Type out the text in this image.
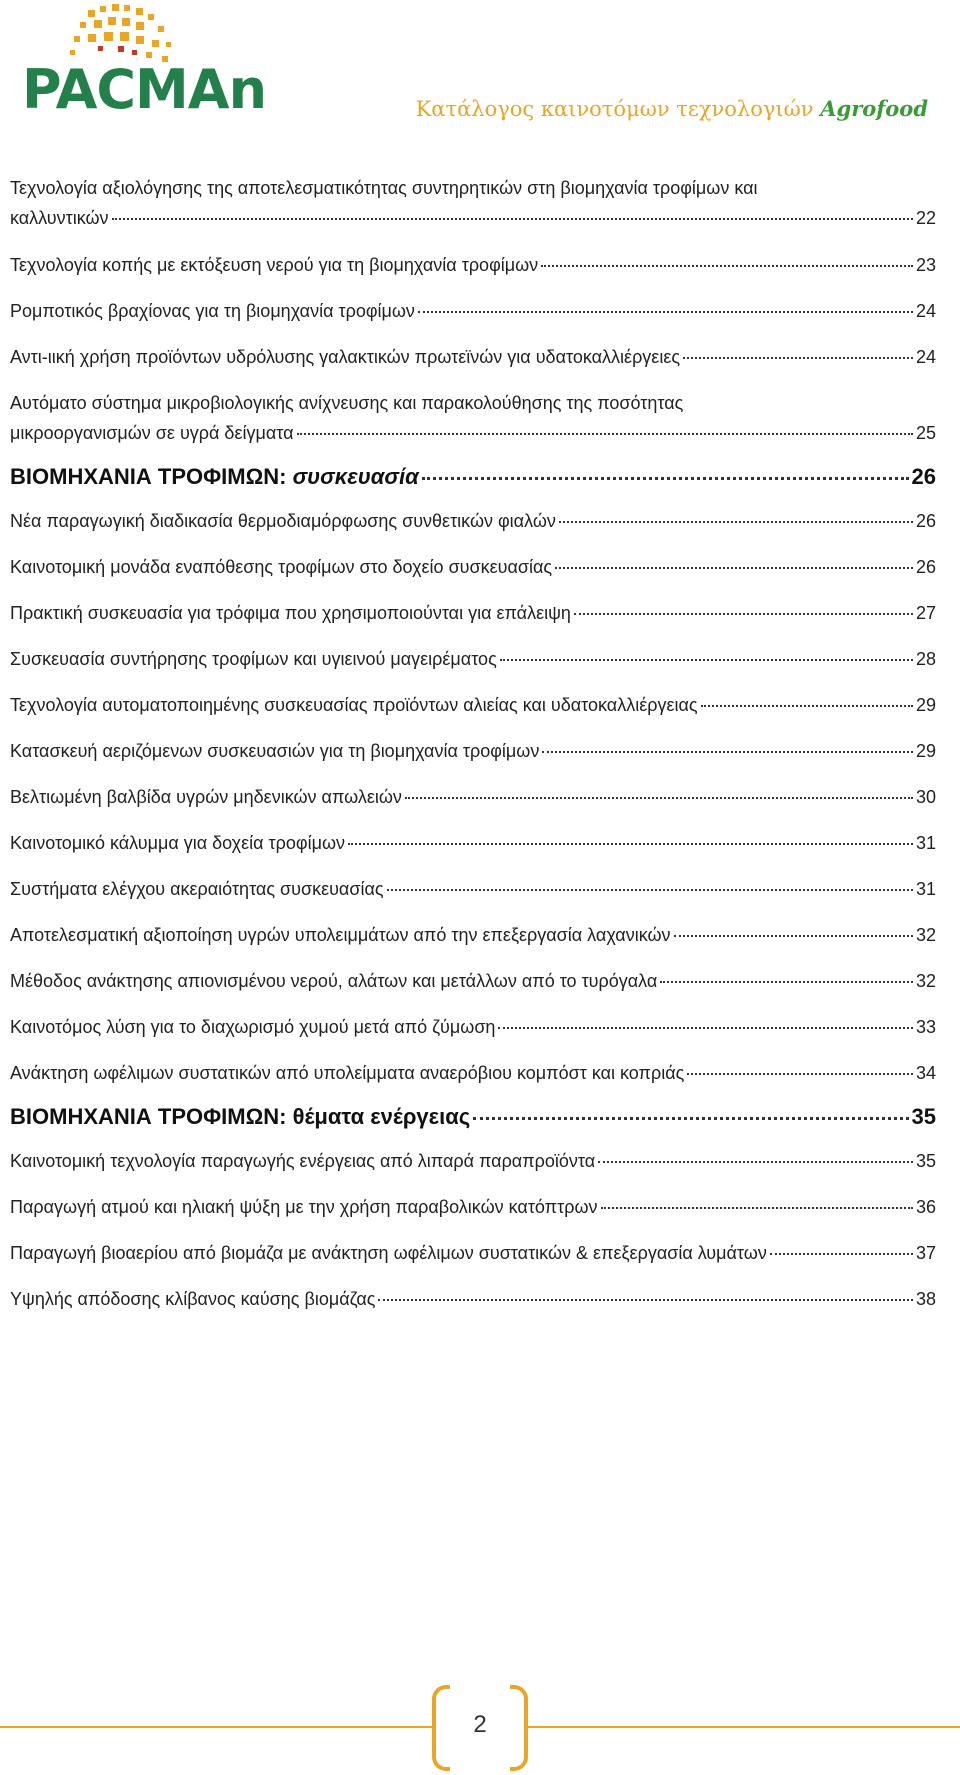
PACMAn	Κατάλογος καινοτόμων τεχνολογιών Agrofood
Τεχνολογία αξιολόγησης της αποτελεσματικότητας συντηρητικών στη βιομηχανία τροφίμων και
καλλυντικών	22
Τεχνολογία κοπής με εκτόξευση νερού για τη βιομηχανία τροφίμων	23
Ρομποτικός βραχίονας για τη βιομηχανία τροφίμων	24
Αντι-ιική χρήση προϊόντων υδρόλυσης γαλακτικών πρωτεϊνών για υδατοκαλλιέργειες	24
Αυτόματο σύστημα μικροβιολογικής ανίχνευσης και παρακολούθησης της ποσότητας
μικροοργανισμών σε υγρά δείγματα	25
ΒΙΟΜΗΧΑΝΙΑ ΤΡΟΦΙΜΩΝ: συσκευασία	26
Νέα παραγωγική διαδικασία θερμοδιαμόρφωσης συνθετικών φιαλών	26
Καινοτομική μονάδα εναπόθεσης τροφίμων στο δοχείο συσκευασίας	26
Πρακτική συσκευασία για τρόφιμα που χρησιμοποιούνται για επάλειψη	27
Συσκευασία συντήρησης τροφίμων και υγιεινού μαγειρέματος	28
Τεχνολογία αυτοματοποιημένης συσκευασίας προϊόντων αλιείας και υδατοκαλλιέργειας	29
Κατασκευή αεριζόμενων συσκευασιών για τη βιομηχανία τροφίμων	29
Βελτιωμένη βαλβίδα υγρών μηδενικών απωλειών	30
Καινοτομικό κάλυμμα για δοχεία τροφίμων	31
Συστήματα ελέγχου ακεραιότητας συσκευασίας	31
Αποτελεσματική αξιοποίηση υγρών υπολειμμάτων από την επεξεργασία λαχανικών	32
Μέθοδος ανάκτησης απιονισμένου νερού, αλάτων και μετάλλων από το τυρόγαλα	32
Καινοτόμος λύση για το διαχωρισμό χυμού μετά από ζύμωση	33
Ανάκτηση ωφέλιμων συστατικών από υπολείμματα αναερόβιου κομπόστ και κοπριάς	34
ΒΙΟΜΗΧΑΝΙΑ ΤΡΟΦΙΜΩΝ: θέματα ενέργειας	35
Καινοτομική τεχνολογία παραγωγής ενέργειας από λιπαρά παραπροϊόντα	35
Παραγωγή ατμού και ηλιακή ψύξη με την χρήση παραβολικών κατόπτρων	36
Παραγωγή βιοαερίου από βιομάζα με ανάκτηση ωφέλιμων συστατικών & επεξεργασία λυμάτων	37
Υψηλής απόδοσης κλίβανος καύσης βιομάζας	38
2
